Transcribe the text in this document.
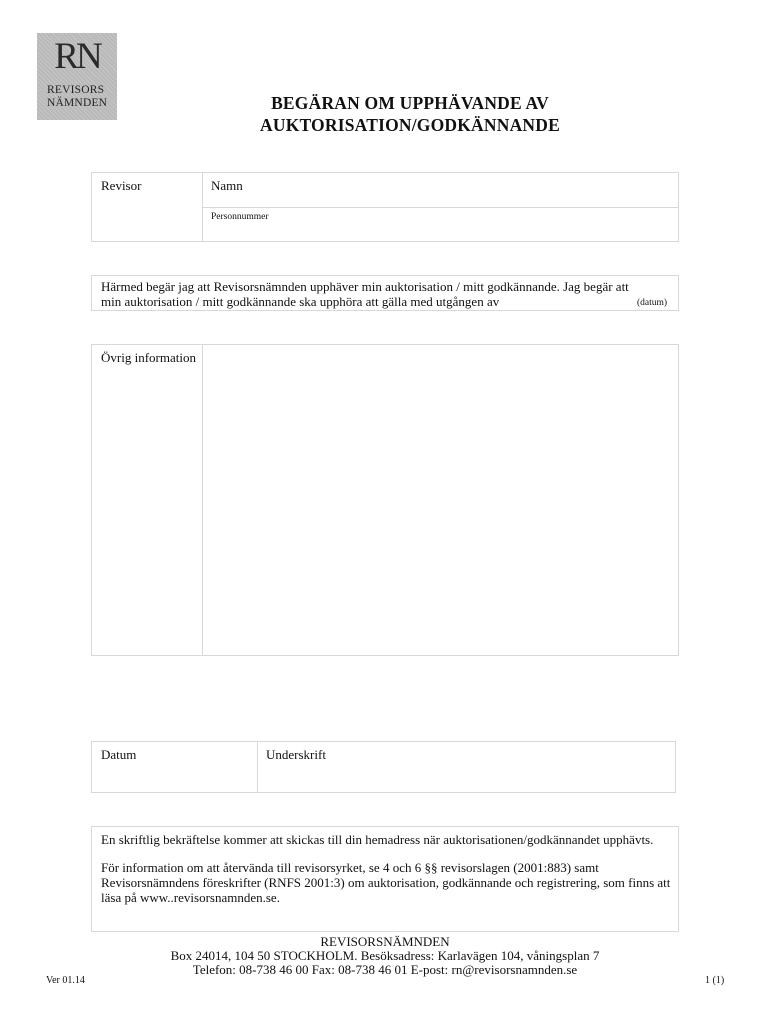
RN
REVISORS
NÄMNDEN	BEGÄRAN OM UPPHÄVANDE AV
AUKTORISATION/GODKÄNNANDE
Revisor	Namn
Personnummer
Härmed begär jag att Revisorsnämnden upphäver min auktorisation / mitt godkännande. Jag begär att
min auktorisation / mitt godkännande ska upphöra att gälla med utgången av	(datum)
Övrig information
Datum	Underskrift
En skriftlig bekräftelse kommer att skickas till din hemadress när auktorisationen/godkännandet upphävts.
För information om att återvända till revisorsyrket, se 4 och 6 §§ revisorslagen (2001:883) samt
Revisorsnämndens föreskrifter (RNFS 2001:3) om auktorisation, godkännande och registrering, som finns att
läsa på www..revisorsnamnden.se.
REVISORSNÄMNDEN
Box 24014, 104 50 STOCKHOLM. Besöksadress: Karlavägen 104, våningsplan 7
Telefon: 08-738 46 00 Fax: 08-738 46 01 E-post: rn@revisorsnamnden.se
Ver 01.14	1 (1)
